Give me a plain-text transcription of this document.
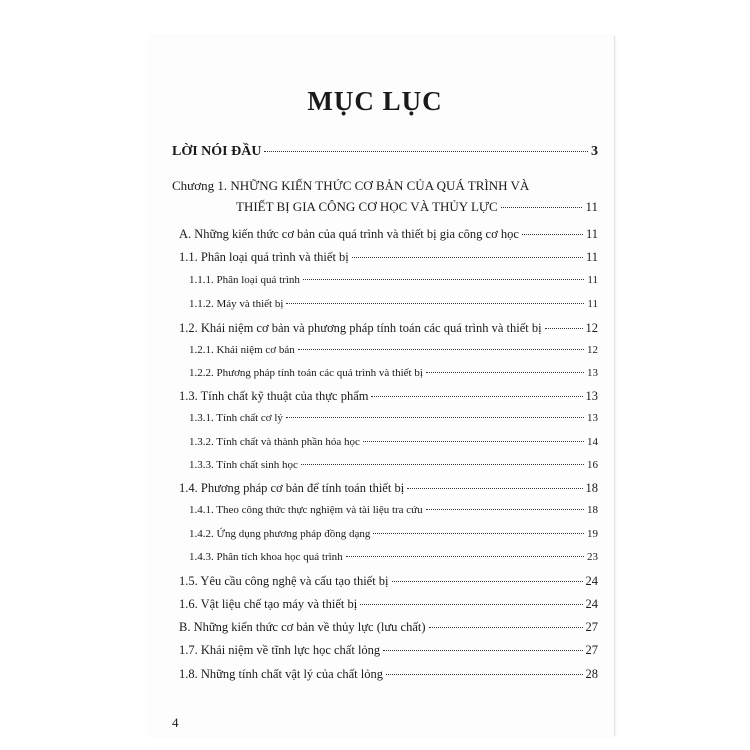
MỤC LỤC
LỜI NÓI ĐẦU	3
Chương 1. NHỮNG KIẾN THỨC CƠ BẢN CỦA QUÁ TRÌNH VÀ
THIẾT BỊ GIA CÔNG CƠ HỌC VÀ THỦY LỰC	11
A. Những kiến thức cơ bản của quá trình và thiết bị gia công cơ học	11
1.1. Phân loại quá trình và thiết bị	11
1.1.1. Phân loại quá trình	11
1.1.2. Máy và thiết bị	11
1.2. Khái niệm cơ bản và phương pháp tính toán các quá trình và thiết bị	12
1.2.1. Khái niệm cơ bản	12
1.2.2. Phương pháp tính toán các quá trình và thiết bị	13
1.3. Tính chất kỹ thuật của thực phẩm	13
1.3.1. Tính chất cơ lý	13
1.3.2. Tính chất và thành phần hóa học	14
1.3.3. Tính chất sinh học	16
1.4. Phương pháp cơ bản để tính toán thiết bị	18
1.4.1. Theo công thức thực nghiệm và tài liệu tra cứu	18
1.4.2. Ứng dụng phương pháp đồng dạng	19
1.4.3. Phân tích khoa học quá trình	23
1.5. Yêu cầu công nghệ và cấu tạo thiết bị	24
1.6. Vật liệu chế tạo máy và thiết bị	24
B. Những kiến thức cơ bản về thủy lực (lưu chất)	27
1.7. Khái niệm về tĩnh lực học chất lỏng	27
1.8. Những tính chất vật lý của chất lỏng	28
4
